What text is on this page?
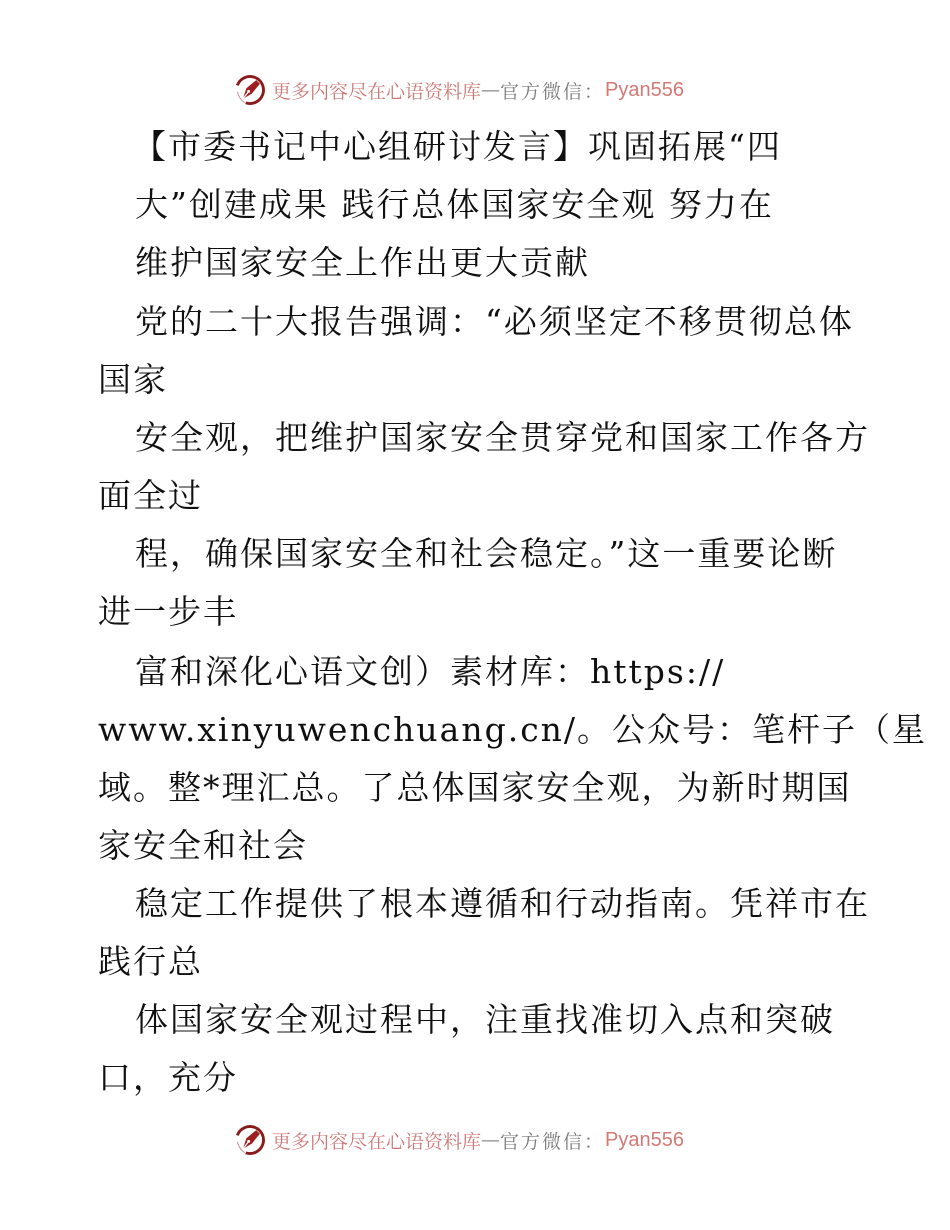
更多内容尽在心语资料库 — 官方微信： Pyan556
【市委书记中心组研讨发言】巩固拓展“四
大”创建成果 践行总体国家安全观 努力在
维护国家安全上作出更大贡献
党的二十大报告强调：“必须坚定不移贯彻总体
国家
安全观，把维护国家安全贯穿党和国家工作各方
面全过
程，确保国家安全和社会稳定。”这一重要论断
进一步丰
富和深化心语文创）素材库：https://
www.xinyuwenchuang.cn/。公众号：笔杆子（星
域。整*理汇总。了总体国家安全观，为新时期国
家安全和社会
稳定工作提供了根本遵循和行动指南。凭祥市在
践行总
体国家安全观过程中，注重找准切入点和突破
口，充分
更多内容尽在心语资料库 — 官方微信： Pyan556
